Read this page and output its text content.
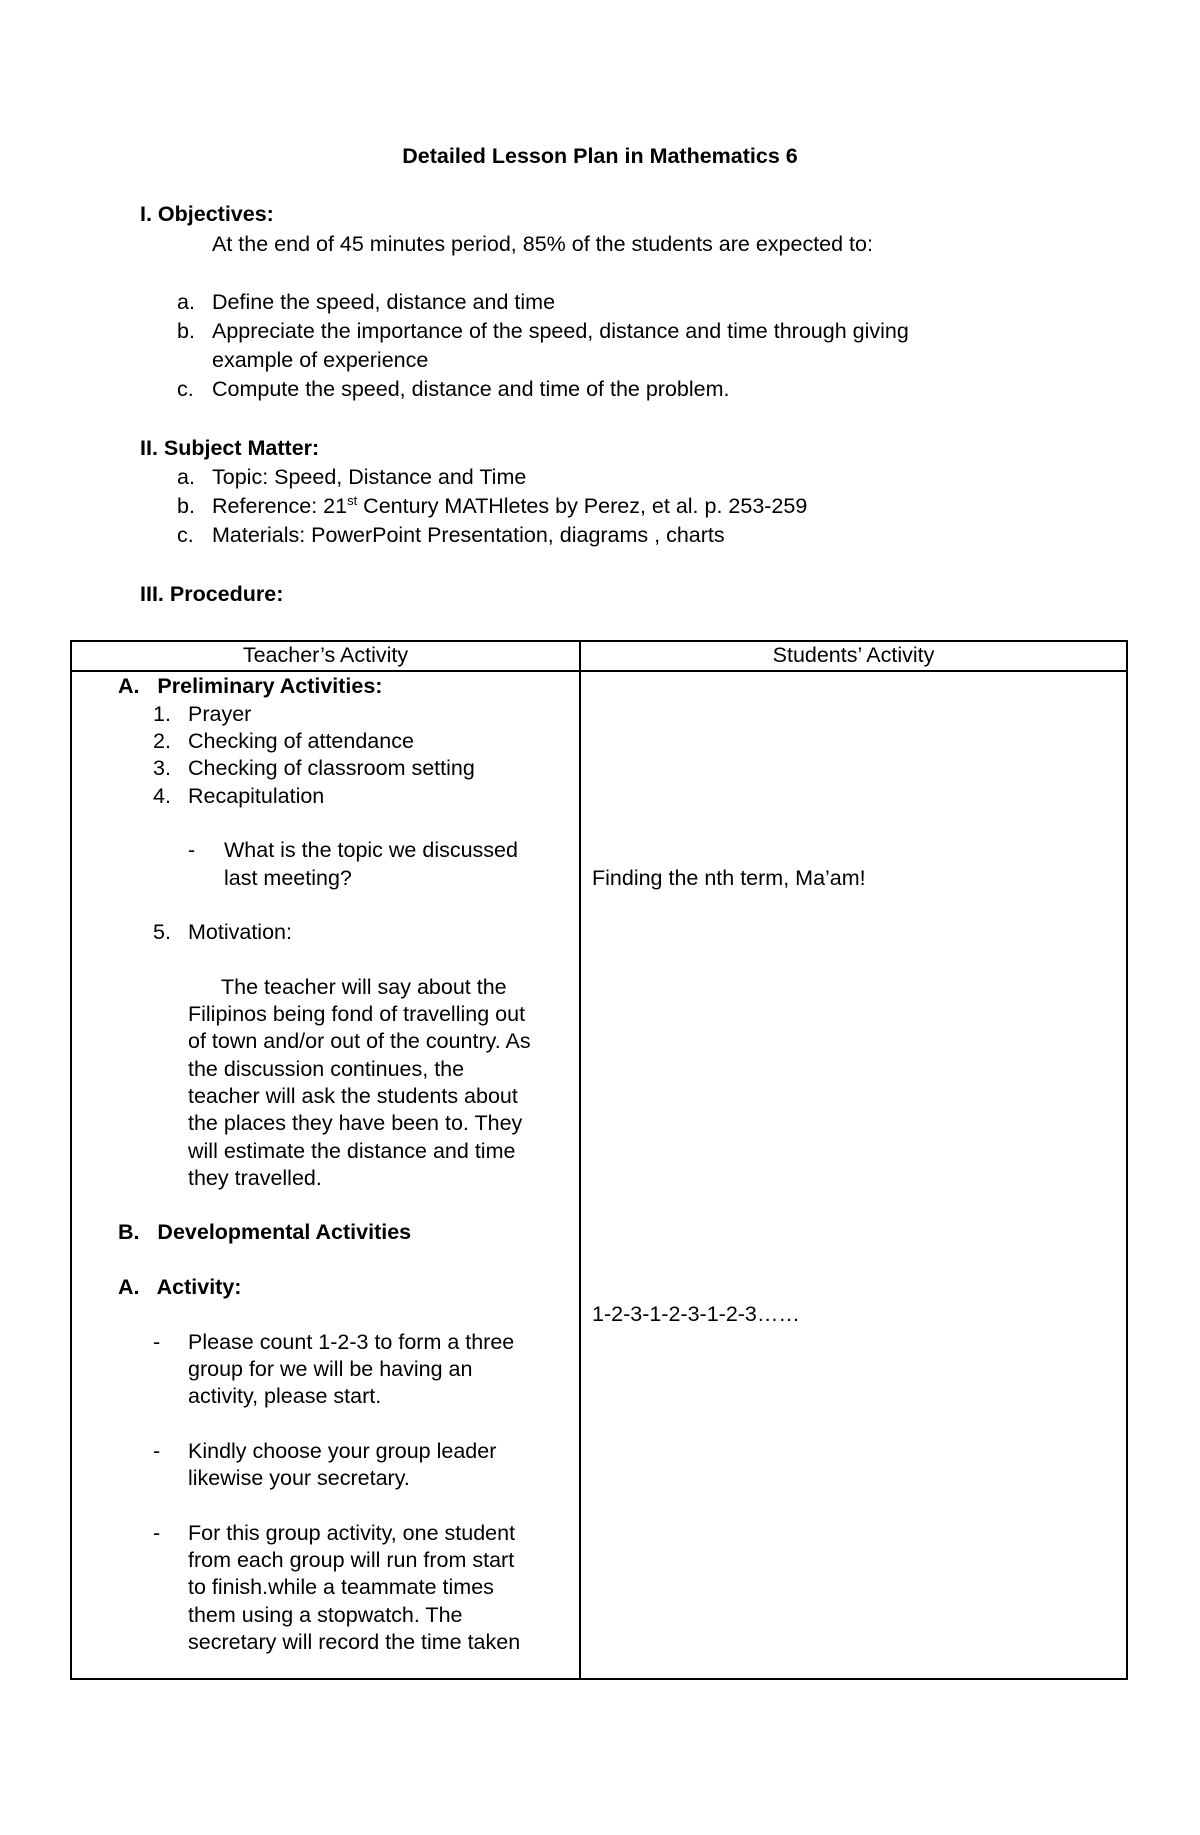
Detailed Lesson Plan in Mathematics 6
I. Objectives:
At the end of 45 minutes period, 85% of the students are expected to:
a. Define the speed, distance and time
b. Appreciate the importance of the speed, distance and time through giving
example of experience
c. Compute the speed, distance and time of the problem.
II. Subject Matter:
a. Topic: Speed, Distance and Time
b. Reference: 21st Century MATHletes by Perez, et al. p. 253-259
c. Materials: PowerPoint Presentation, diagrams , charts
III. Procedure:
Teacher’s Activity	Students’ Activity
A.   Preliminary Activities:
1. Prayer
2. Checking of attendance
3. Checking of classroom setting
4. Recapitulation
- What is the topic we discussed
last meeting?
5. Motivation:
The teacher will say about the
Filipinos being fond of travelling out
of town and/or out of the country. As
the discussion continues, the
teacher will ask the students about
the places they have been to. They
will estimate the distance and time
they travelled.
B.   Developmental Activities
A.   Activity:
- Please count 1-2-3 to form a three
group for we will be having an
activity, please start.
- Kindly choose your group leader
likewise your secretary.
- For this group activity, one student
from each group will run from start
to finish.while a teammate times
them using a stopwatch. The
secretary will record the time taken
Finding the nth term, Ma’am!
1-2-3-1-2-3-1-2-3……
